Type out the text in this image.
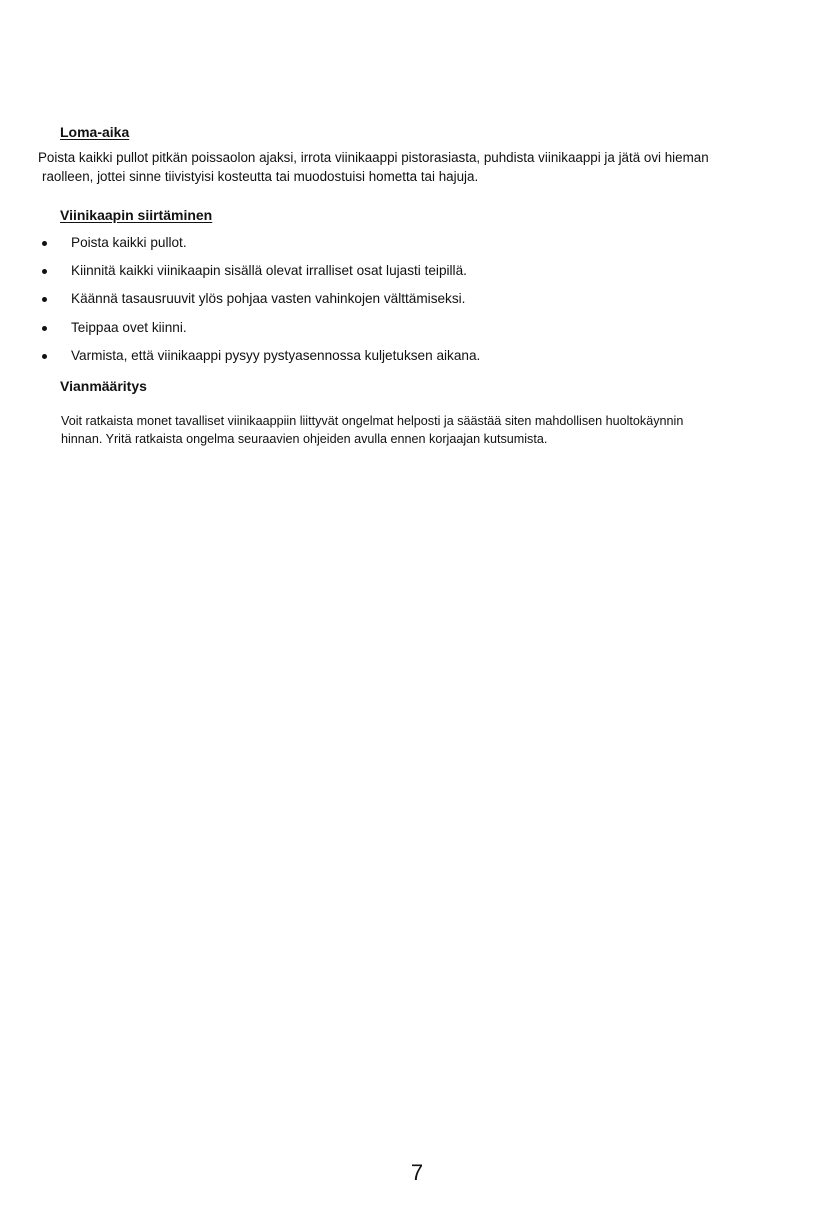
Loma-aika
Poista kaikki pullot pitkän poissaolon ajaksi, irrota viinikaappi pistorasiasta, puhdista viinikaappi ja jätä ovi hieman
raolleen, jottei sinne tiivistyisi kosteutta tai muodostuisi hometta tai hajuja.
Viinikaapin siirtäminen
Poista kaikki pullot.
Kiinnitä kaikki viinikaapin sisällä olevat irralliset osat lujasti teipillä.
Käännä tasausruuvit ylös pohjaa vasten vahinkojen välttämiseksi.
Teippaa ovet kiinni.
Varmista, että viinikaappi pysyy pystyasennossa kuljetuksen aikana.
Vianmääritys
Voit ratkaista monet tavalliset viinikaappiin liittyvät ongelmat helposti ja säästää siten mahdollisen huoltokäynnin
hinnan. Yritä ratkaista ongelma seuraavien ohjeiden avulla ennen korjaajan kutsumista.
7
